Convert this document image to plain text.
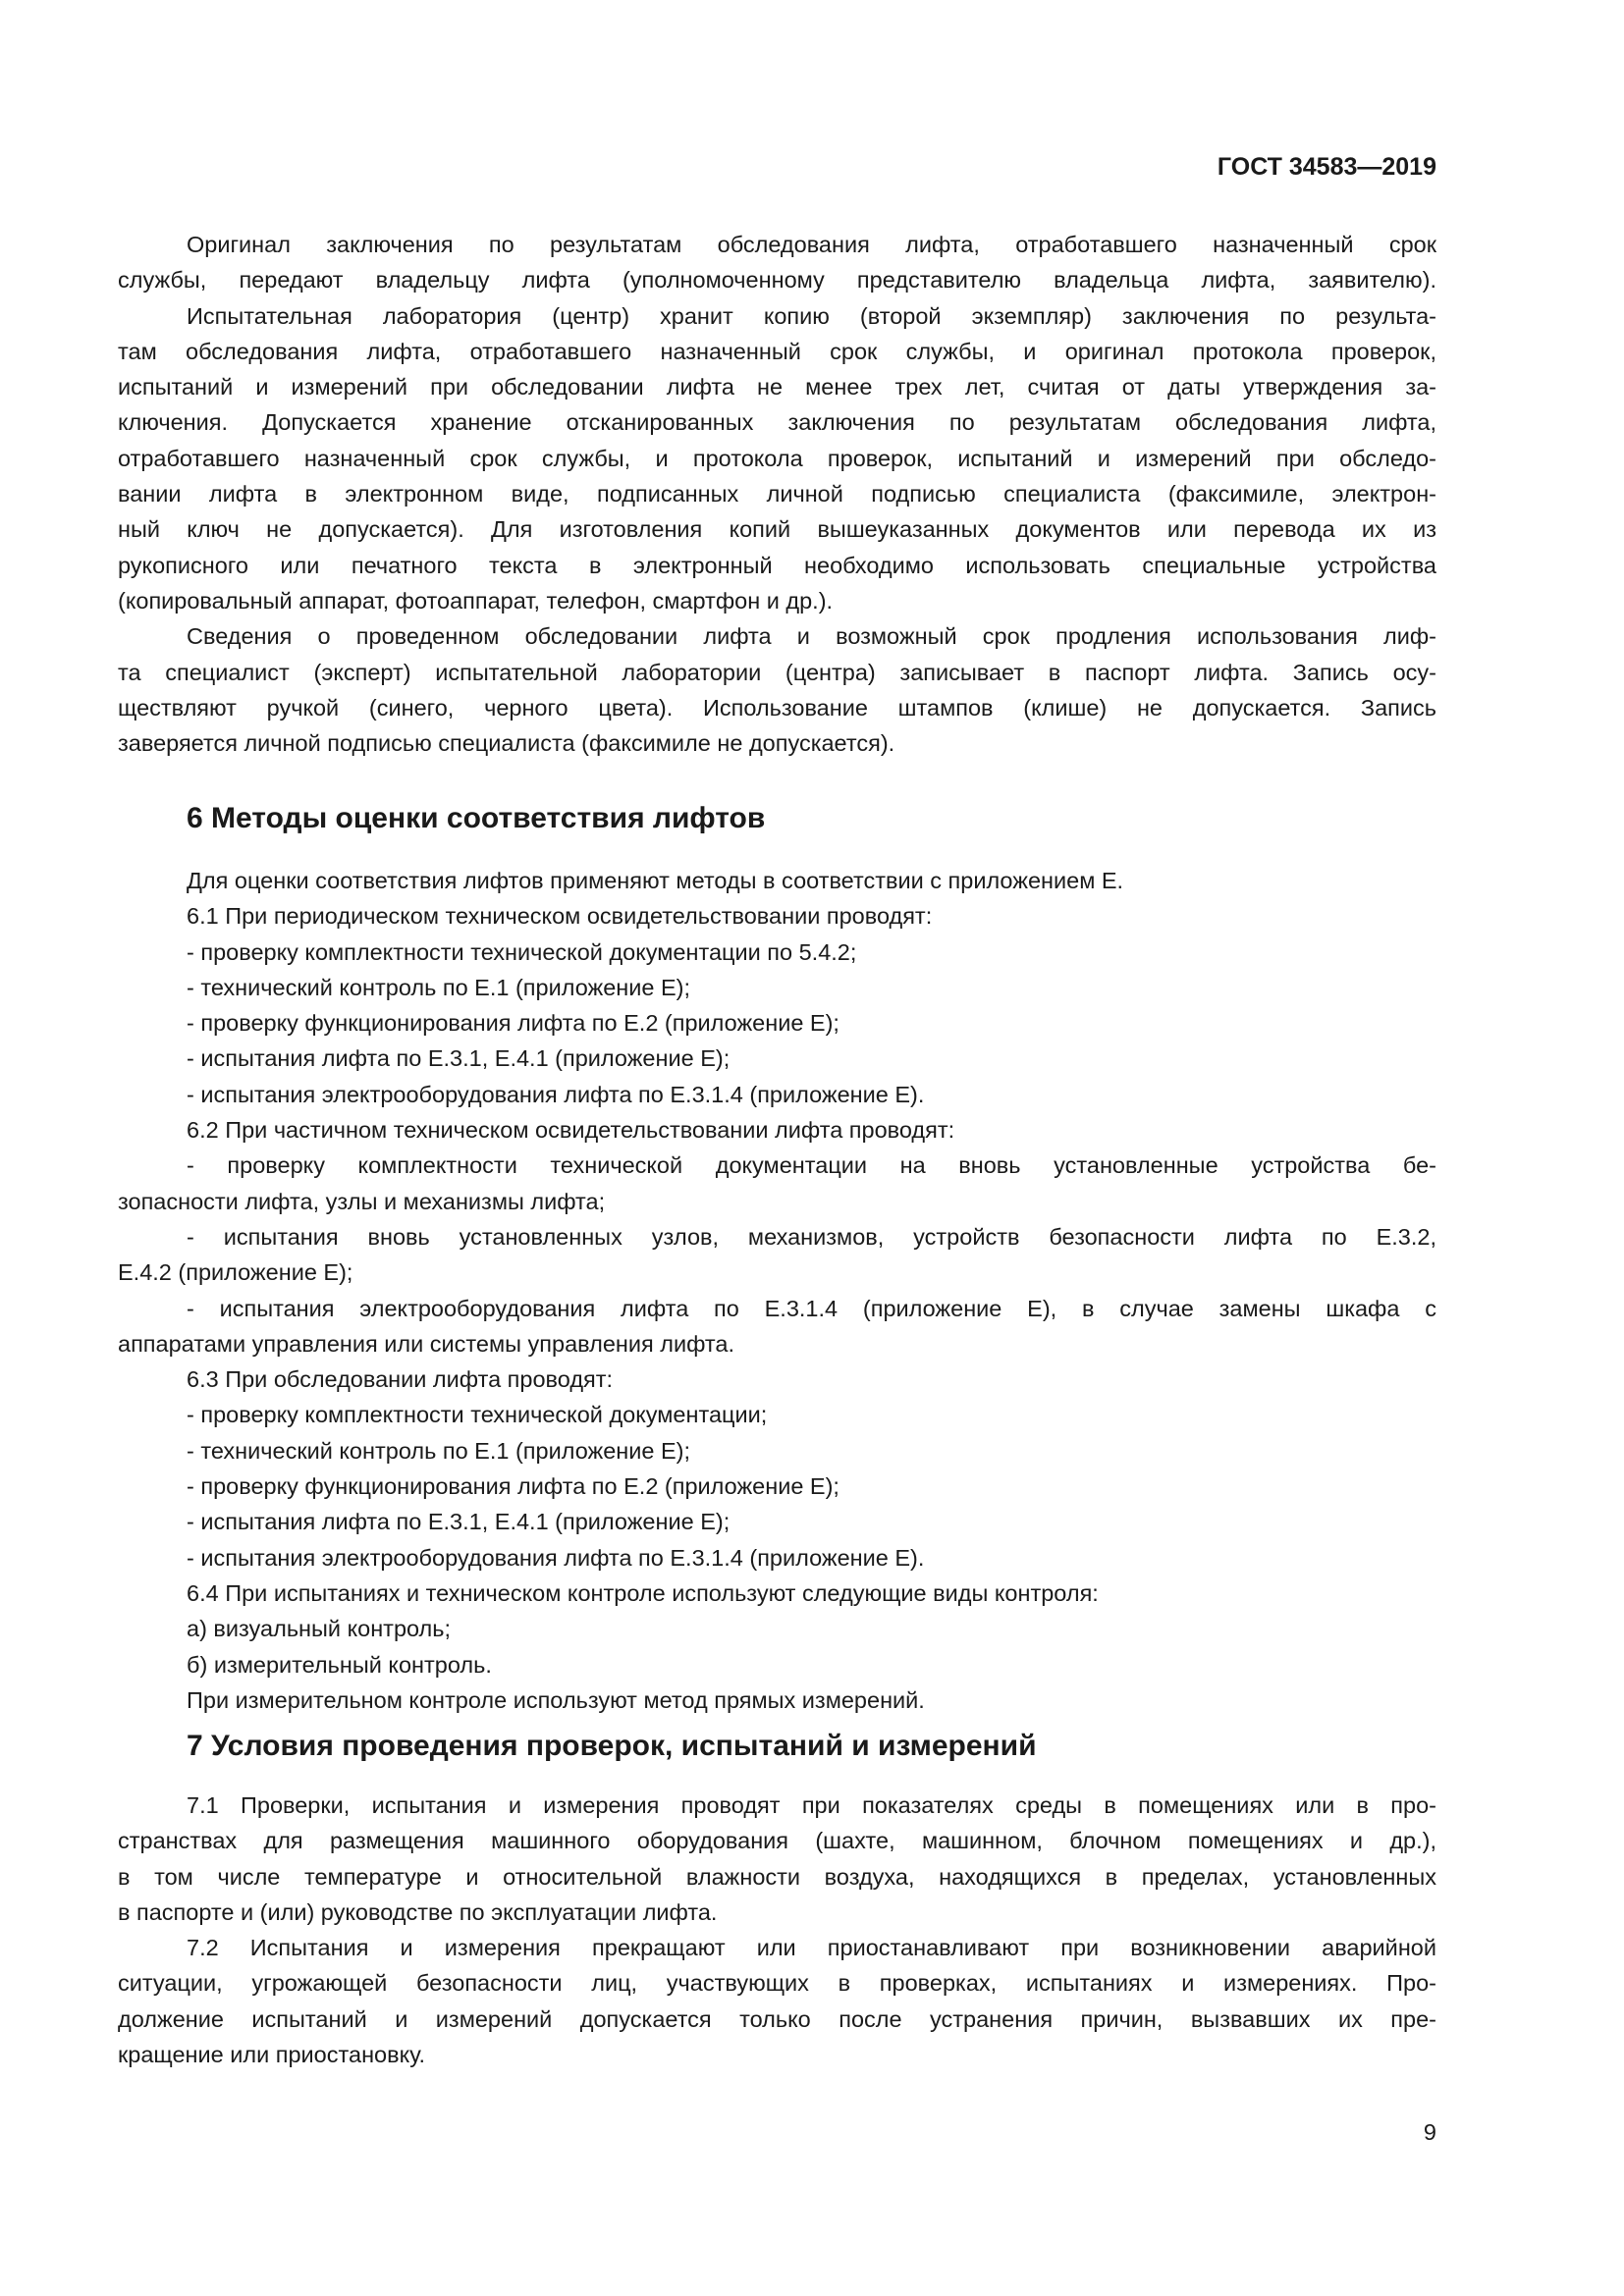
ГОСТ 34583—2019
Оригинал заключения по результатам обследования лифта, отработавшего назначенный срок
службы, передают владельцу лифта (уполномоченному представителю владельца лифта, заявителю).
Испытательная лаборатория (центр) хранит копию (второй экземпляр) заключения по результа-
там обследования лифта, отработавшего назначенный срок службы, и оригинал протокола проверок,
испытаний и измерений при обследовании лифта не менее трех лет, считая от даты утверждения за-
ключения. Допускается хранение отсканированных заключения по результатам обследования лифта,
отработавшего назначенный срок службы, и протокола проверок, испытаний и измерений при обследо-
вании лифта в электронном виде, подписанных личной подписью специалиста (факсимиле, электрон-
ный ключ не допускается). Для изготовления копий вышеуказанных документов или перевода их из
рукописного или печатного текста в электронный необходимо использовать специальные устройства
(копировальный аппарат, фотоаппарат, телефон, смартфон и др.).
Сведения о проведенном обследовании лифта и возможный срок продления использования лиф-
та специалист (эксперт) испытательной лаборатории (центра) записывает в паспорт лифта. Запись осу-
ществляют ручкой (синего, черного цвета). Использование штампов (клише) не допускается. Запись
заверяется личной подписью специалиста (факсимиле не допускается).
6 Методы оценки соответствия лифтов
Для оценки соответствия лифтов применяют методы в соответствии с приложением Е.
6.1 При периодическом техническом освидетельствовании проводят:
- проверку комплектности технической документации по 5.4.2;
- технический контроль по Е.1 (приложение Е);
- проверку функционирования лифта по Е.2 (приложение Е);
- испытания лифта по Е.3.1, Е.4.1 (приложение Е);
- испытания электрооборудования лифта по Е.3.1.4 (приложение Е).
6.2 При частичном техническом освидетельствовании лифта проводят:
- проверку комплектности технической документации на вновь установленные устройства бе-
зопасности лифта, узлы и механизмы лифта;
- испытания вновь установленных узлов, механизмов, устройств безопасности лифта по Е.3.2,
Е.4.2 (приложение Е);
- испытания электрооборудования лифта по Е.3.1.4 (приложение Е), в случае замены шкафа с
аппаратами управления или системы управления лифта.
6.3 При обследовании лифта проводят:
- проверку комплектности технической документации;
- технический контроль по Е.1 (приложение Е);
- проверку функционирования лифта по Е.2 (приложение Е);
- испытания лифта по Е.3.1, Е.4.1 (приложение Е);
- испытания электрооборудования лифта по Е.3.1.4 (приложение Е).
6.4 При испытаниях и техническом контроле используют следующие виды контроля:
а) визуальный контроль;
б) измерительный контроль.
При измерительном контроле используют метод прямых измерений.
7 Условия проведения проверок, испытаний и измерений
7.1 Проверки, испытания и измерения проводят при показателях среды в помещениях или в про-
странствах для размещения машинного оборудования (шахте, машинном, блочном помещениях и др.),
в том числе температуре и относительной влажности воздуха, находящихся в пределах, установленных
в паспорте и (или) руководстве по эксплуатации лифта.
7.2 Испытания и измерения прекращают или приостанавливают при возникновении аварийной
ситуации, угрожающей безопасности лиц, участвующих в проверках, испытаниях и измерениях. Про-
должение испытаний и измерений допускается только после устранения причин, вызвавших их пре-
кращение или приостановку.
9
